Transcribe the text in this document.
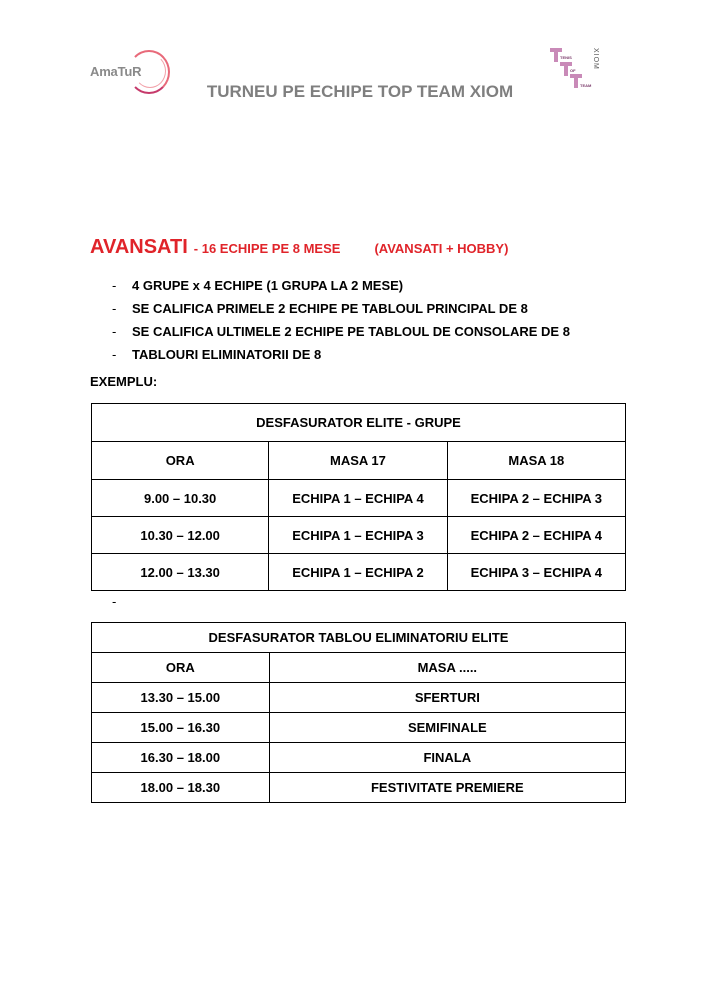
AmaTuR
TENIS
OF
TEAM
XIOM
TURNEU PE ECHIPE TOP TEAM XIOM
AVANSATI - 16 ECHIPE PE 8 MESE	(AVANSATI + HOBBY)
- 4 GRUPE x 4 ECHIPE (1 GRUPA LA 2 MESE)
- SE CALIFICA PRIMELE 2 ECHIPE PE TABLOUL PRINCIPAL DE 8
- SE CALIFICA ULTIMELE 2 ECHIPE PE TABLOUL DE CONSOLARE DE 8
- TABLOURI ELIMINATORII DE 8
EXEMPLU:
DESFASURATOR ELITE - GRUPE		
ORA	MASA 17	MASA 18
9.00 – 10.30	ECHIPA 1 – ECHIPA 4	ECHIPA 2 – ECHIPA 3
10.30 – 12.00	ECHIPA 1 – ECHIPA 3	ECHIPA 2 – ECHIPA 4
12.00 – 13.30	ECHIPA 1 – ECHIPA 2	ECHIPA 3 – ECHIPA 4
-
DESFASURATOR TABLOU ELIMINATORIU ELITE	
ORA	MASA .....
13.30 – 15.00	SFERTURI
15.00 – 16.30	SEMIFINALE
16.30 – 18.00	FINALA
18.00 – 18.30	FESTIVITATE PREMIERE
